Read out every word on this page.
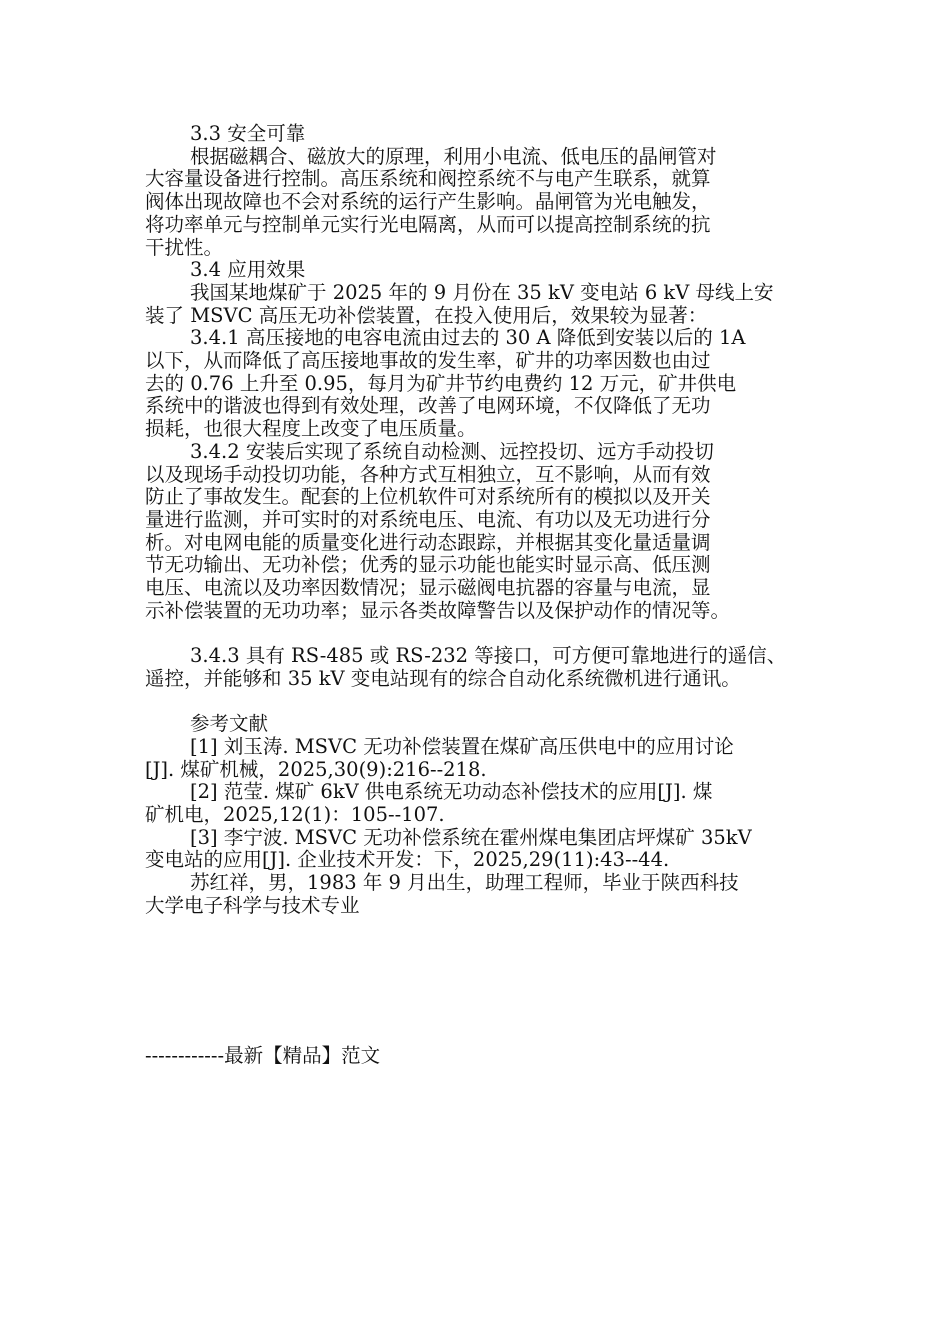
3.3 安全可靠
根据磁耦合、磁放大的原理，利用小电流、低电压的晶闸管对
大容量设备进行控制。高压系统和阀控系统不与电产生联系，就算
阀体出现故障也不会对系统的运行产生影响。晶闸管为光电触发，
将功率单元与控制单元实行光电隔离，从而可以提高控制系统的抗
干扰性。
3.4 应用效果
我国某地煤矿于 2025 年的 9 月份在 35 kV 变电站 6 kV 母线上安
装了 MSVC 高压无功补偿装置，在投入使用后，效果较为显著：
3.4.1 高压接地的电容电流由过去的 30 A 降低到安装以后的 1A
以下，从而降低了高压接地事故的发生率，矿井的功率因数也由过
去的 0.76 上升至 0.95，每月为矿井节约电费约 12 万元，矿井供电
系统中的谐波也得到有效处理，改善了电网环境，不仅降低了无功
损耗，也很大程度上改变了电压质量。
3.4.2 安装后实现了系统自动检测、远控投切、远方手动投切
以及现场手动投切功能，各种方式互相独立，互不影响，从而有效
防止了事故发生。配套的上位机软件可对系统所有的模拟以及开关
量进行监测，并可实时的对系统电压、电流、有功以及无功进行分
析。对电网电能的质量变化进行动态跟踪，并根据其变化量适量调
节无功输出、无功补偿；优秀的显示功能也能实时显示高、低压测
电压、电流以及功率因数情况；显示磁阀电抗器的容量与电流，显
示补偿装置的无功功率；显示各类故障警告以及保护动作的情况等。
3.4.3 具有 RS-485 或 RS-232 等接口，可方便可靠地进行的遥信、
遥控，并能够和 35 kV 变电站现有的综合自动化系统微机进行通讯。
参考文献
[1] 刘玉涛. MSVC 无功补偿装置在煤矿高压供电中的应用讨论
[J]. 煤矿机械，2025,30(9):216--218.
[2] 范莹. 煤矿 6kV 供电系统无功动态补偿技术的应用[J]. 煤
矿机电，2025,12(1)：105--107.
[3] 李宁波. MSVC 无功补偿系统在霍州煤电集团店坪煤矿 35kV
变电站的应用[J]. 企业技术开发：下，2025,29(11):43--44.
苏红祥，男，1983 年 9 月出生，助理工程师，毕业于陕西科技
大学电子科学与技术专业
------------最新【精品】范文
